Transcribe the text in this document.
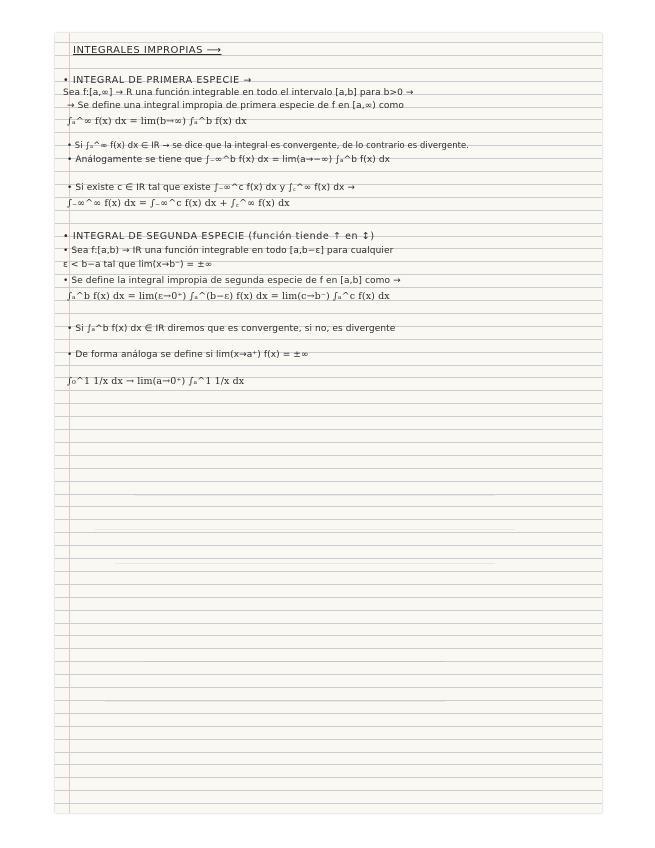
INTEGRALES IMPROPIAS ⟶
• INTEGRAL DE PRIMERA ESPECIE →
Sea f:[a,∞] → R una función integrable en todo el intervalo [a,b] para b>0 →
→ Se define una integral impropia de primera especie de f en [a,∞) como
∫ₐ^∞ f(x) dx = lim(b→∞) ∫ₐ^b f(x) dx
• Si ∫ₐ^∞ f(x) dx ∈ IR → se dice que la integral es convergente, de lo contrario es divergente.
• Análogamente se tiene que ∫₋∞^b f(x) dx = lim(a→−∞) ∫ₐ^b f(x) dx
• Si existe c ∈ IR tal que existe ∫₋∞^c f(x) dx y ∫꜀^∞ f(x) dx →
∫₋∞^∞ f(x) dx = ∫₋∞^c f(x) dx + ∫꜀^∞ f(x) dx
• INTEGRAL DE SEGUNDA ESPECIE (función tiende ↑ en ↕)
• Sea f:[a,b) → IR una función integrable en todo [a,b−ε] para cualquier
ε < b−a tal que lim(x→b⁻) = ±∞
• Se define la integral impropia de segunda especie de f en [a,b] como →
∫ₐ^b f(x) dx = lim(ε→0⁺) ∫ₐ^(b−ε) f(x) dx = lim(c→b⁻) ∫ₐ^c f(x) dx
• Si ∫ₐ^b f(x) dx ∈ IR diremos que es convergente, si no, es divergente
• De forma análoga se define si lim(x→a⁺) f(x) = ±∞
∫₀^1 1/x dx → lim(a→0⁺) ∫ₐ^1 1/x dx
